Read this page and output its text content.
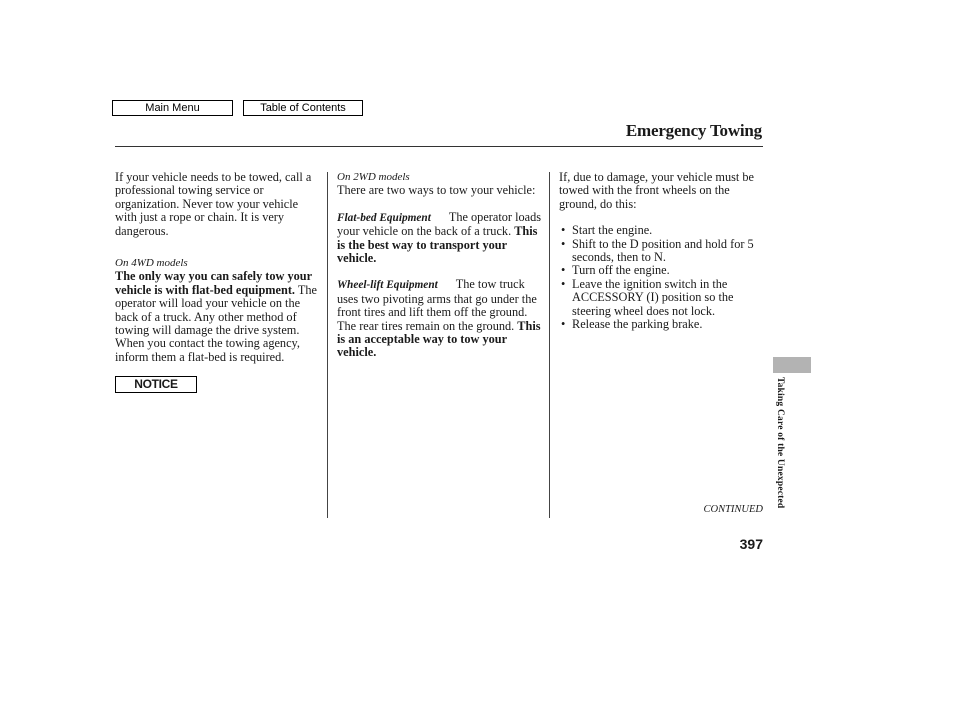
Main Menu	Table of Contents
Emergency Towing

If your vehicle needs to be towed, call a professional towing service or organization. Never tow your vehicle with just a rope or chain. It is very dangerous.

On 4WD models

The only way you can safely tow your vehicle is with flat-bed equipment. The operator will load your vehicle on the back of a truck. Any other method of towing will damage the drive system. When you contact the towing agency, inform them a flat-bed is required.

NOTICE

On 2WD models

There are two ways to tow your vehicle:

Flat-bed Equipment The operator loads your vehicle on the back of a truck. This is the best way to transport your vehicle.

Wheel-lift Equipment The tow truck uses two pivoting arms that go under the front tires and lift them off the ground. The rear tires remain on the ground. This is an acceptable way to tow your vehicle.

If, due to damage, your vehicle must be towed with the front wheels on the ground, do this:

• Start the engine.
• Shift to the D position and hold for 5 seconds, then to N.
• Turn off the engine.
• Leave the ignition switch in the ACCESSORY (I) position so the steering wheel does not lock.
• Release the parking brake.
Taking Care of the Unexpected
CONTINUED
397
